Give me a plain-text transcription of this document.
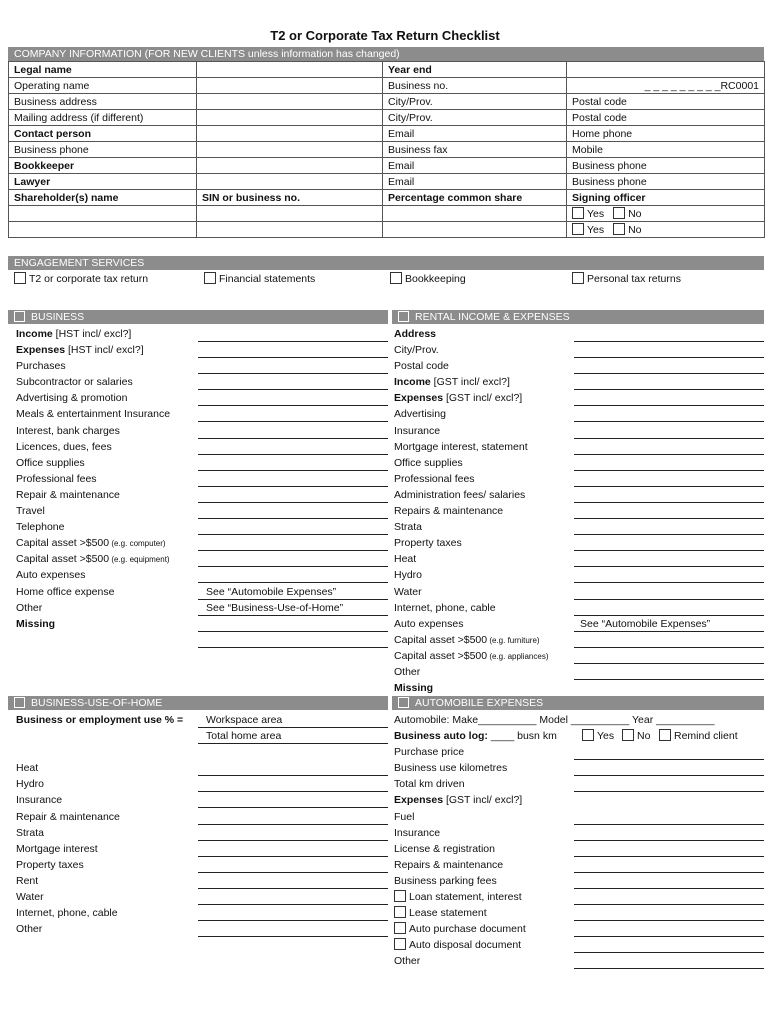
T2 or Corporate Tax Return Checklist
COMPANY INFORMATION (FOR NEW CLIENTS unless information has changed)
Legal name		Year end	
Operating name		Business no.	_ _ _ _ _ _ _ _ _RC0001
Business address		City/Prov.	Postal code
Mailing address (if different)		City/Prov.	Postal code
Contact person		Email	Home phone
Business phone		Business fax	Mobile
Bookkeeper		Email	Business phone
Lawyer		Email	Business phone
Shareholder(s) name	SIN or business no.	Percentage common share	Signing officer
			Yes No
			Yes No
ENGAGEMENT SERVICES
T2 or corporate tax return	Financial statements	Bookkeeping	Personal tax returns
BUSINESS	RENTAL INCOME & EXPENSES
Income [HST incl/ excl?]
Expenses [HST incl/ excl?]
Purchases
Subcontractor or salaries
Advertising & promotion
Meals & entertainment Insurance
Interest, bank charges
Licences, dues, fees
Office supplies
Professional fees
Repair & maintenance
Travel
Telephone
Capital asset >$500 (e.g. computer)
Capital asset >$500 (e.g. equipment)
Auto expenses
Home office expense	See “Automobile Expenses”
Other	See “Business-Use-of-Home”
Missing
Address
City/Prov.
Postal code
Income [GST incl/ excl?]
Expenses [GST incl/ excl?]
Advertising
Insurance
Mortgage interest, statement
Office supplies
Professional fees
Administration fees/ salaries
Repairs & maintenance
Strata
Property taxes
Heat
Hydro
Water
Internet, phone, cable
Auto expenses	See “Automobile Expenses”
Capital asset >$500 (e.g. furniture)
Capital asset >$500 (e.g. appliances)
Other
Missing
BUSINESS-USE-OF-HOME	AUTOMOBILE EXPENSES
Business or employment use % = Workspace area
Total home area
Heat
Hydro
Insurance
Repair & maintenance
Strata
Mortgage interest
Property taxes
Rent
Water
Internet, phone, cable
Other
Automobile: Make__________ Model __________ Year __________
Business auto log: ____ busn km	Yes	No	Remind client
Purchase price
Business use kilometres
Total km driven
Expenses [GST incl/ excl?]
Fuel
Insurance
License & registration
Repairs & maintenance
Business parking fees
Loan statement, interest
Lease statement
Auto purchase document
Auto disposal document
Other
